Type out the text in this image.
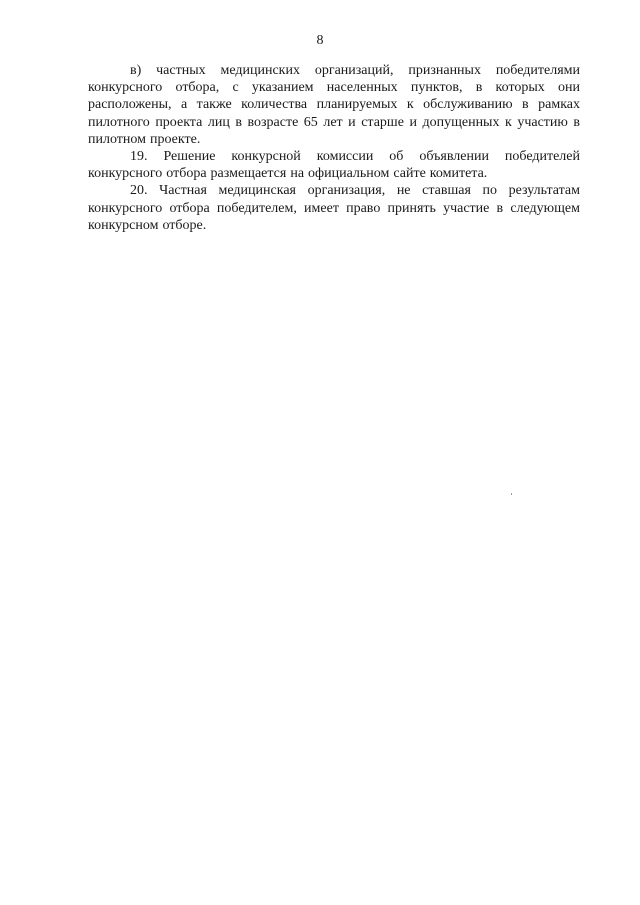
8

в) частных медицинских организаций, признанных победителями конкурсного отбора, с указанием населенных пунктов, в которых они расположены, а также количества планируемых к обслуживанию в рамках пилотного проекта лиц в возрасте 65 лет и старше и допущенных к участию в пилотном проекте.

19. Решение конкурсной комиссии об объявлении победителей конкурсного отбора размещается на официальном сайте комитета.

20. Частная медицинская организация, не ставшая по результатам конкурсного отбора победителем, имеет право принять участие в следующем конкурсном отборе.
